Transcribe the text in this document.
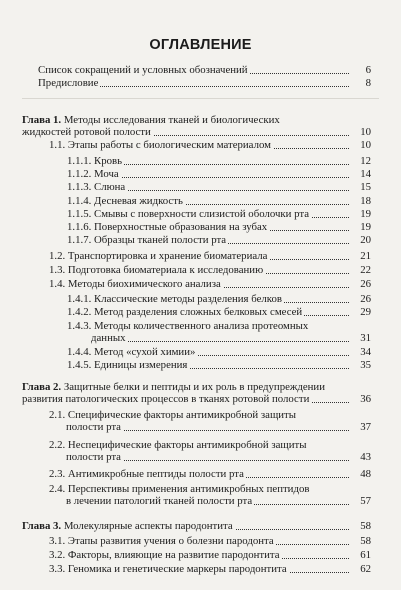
ОГЛАВЛЕНИЕ
Список сокращений и условных обозначений	6
Предисловие	8
Глава 1. Методы исследования тканей и биологических
жидкостей ротовой полости	10
1.1. Этапы работы с биологическим материалом	10
1.1.1. Кровь	12
1.1.2. Моча	14
1.1.3. Слюна	15
1.1.4. Десневая жидкость	18
1.1.5. Смывы с поверхности слизистой оболочки рта	19
1.1.6. Поверхностные образования на зубах	19
1.1.7. Образцы тканей полости рта	20
1.2. Транспортировка и хранение биоматериала	21
1.3. Подготовка биоматериала к исследованию	22
1.4. Методы биохимического анализа	26
1.4.1. Классические методы разделения белков	26
1.4.2. Метод разделения сложных белковых смесей	29
1.4.3. Методы количественного анализа протеомных
данных	31
1.4.4. Метод «сухой химии»	34
1.4.5. Единицы измерения	35
Глава 2. Защитные белки и пептиды и их роль в предупреждении
развития патологических процессов в тканях ротовой полости	36
2.1. Специфические факторы антимикробной защиты
полости рта	37
2.2. Неспецифические факторы антимикробной защиты
полости рта	43
2.3. Антимикробные пептиды полости рта	48
2.4. Перспективы применения антимикробных пептидов
в лечении патологий тканей полости рта	57
Глава 3. Молекулярные аспекты пародонтита	58
3.1. Этапы развития учения о болезни пародонта	58
3.2. Факторы, влияющие на развитие пародонтита	61
3.3. Геномика и генетические маркеры пародонтита	62
